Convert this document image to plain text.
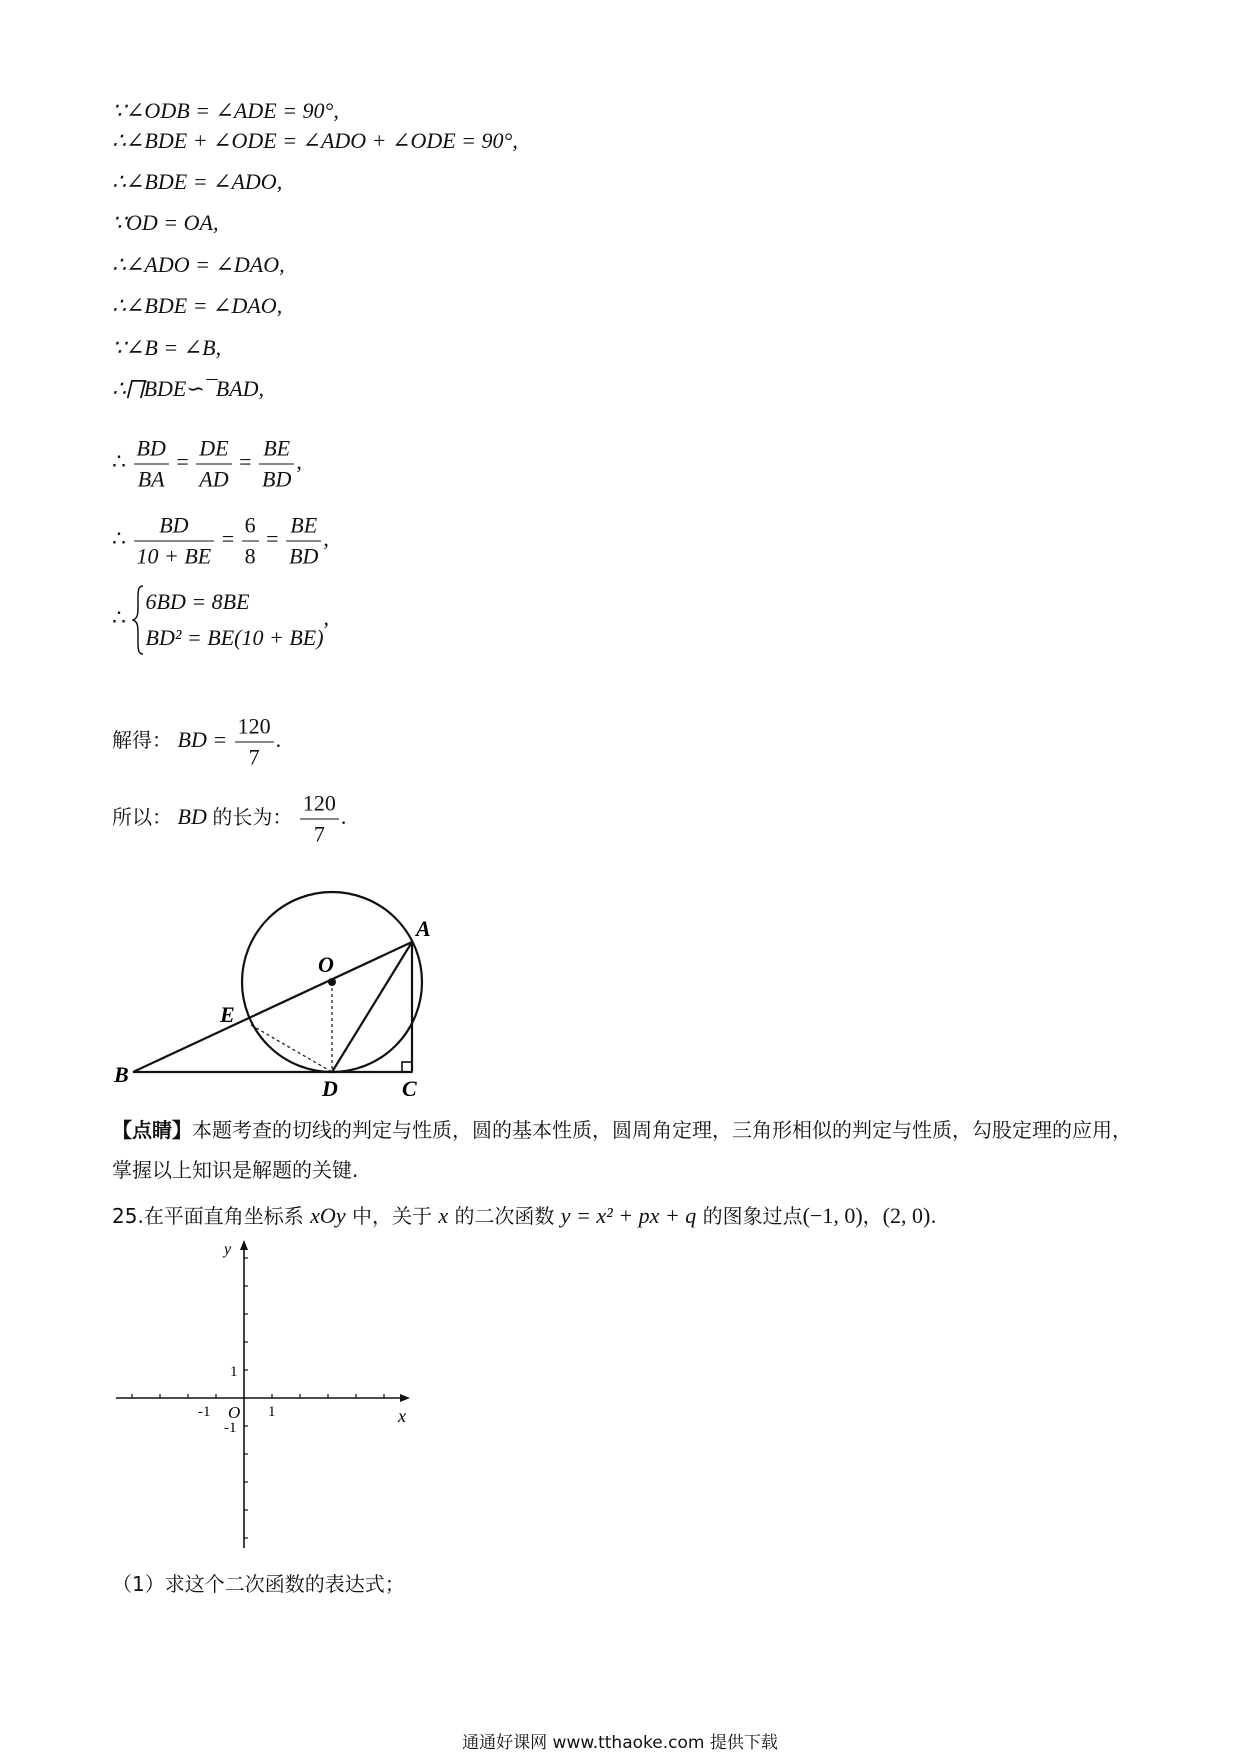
∵∠ODB = ∠ADE = 90°,
∴∠BDE + ∠ODE = ∠ADO + ∠ODE = 90°,
∴∠BDE = ∠ADO,
∵OD = OA,
∴∠ADO = ∠DAO,
∴∠BDE = ∠DAO,
∵∠B = ∠B,
∴⨅BDE∽¯BAD,
∴ $\frac{BD}{BA} = \frac{DE}{AD} = \frac{BE}{BD}$ ,
∴ $\frac{BD}{10 + BE} = \frac{6}{8} = \frac{BE}{BD}$ ,
∴
6BD = 8BE
BD² = BE(10 + BE)
,
解得： BD = $\frac{120}{7}$ .
所以： BD 的长为： $\frac{120}{7}$ .
A
O
E
B
D	C
【点睛】本题考查的切线的判定与性质，圆的基本性质，圆周角定理，三角形相似的判定与性质，勾股定理的应用，掌握以上知识是解题的关键.
25.在平面直角坐标系 xOy 中，关于 x 的二次函数 y = x² + px + q 的图象过点(−1, 0)，(2, 0).
y
x
1
-1 O 1
-1
（1）求这个二次函数的表达式；
通通好课网 www.tthaoke.com 提供下载
